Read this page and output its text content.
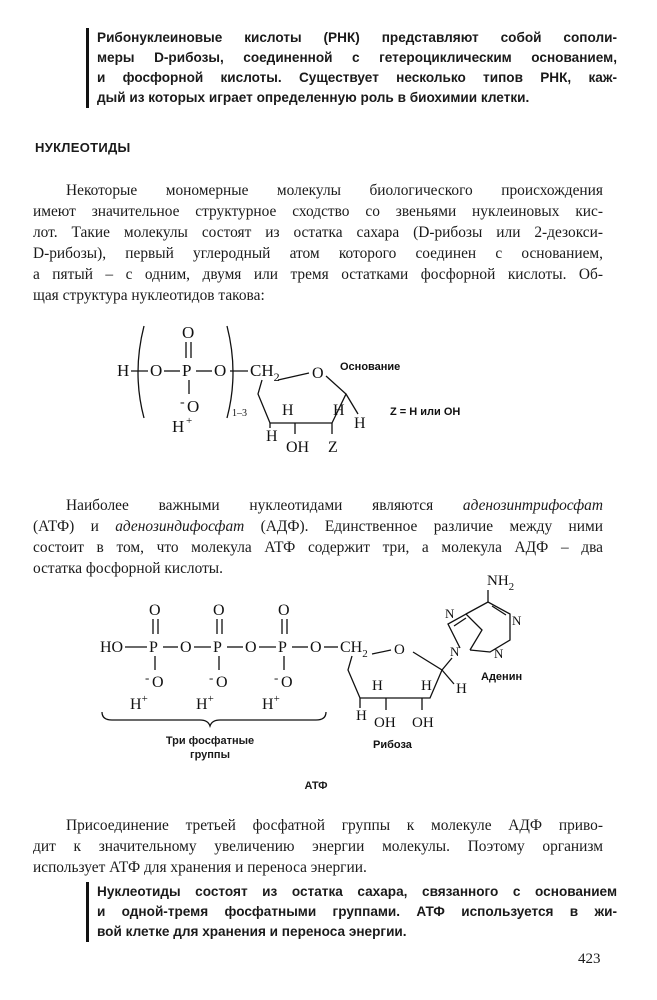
Рибонуклеиновые кислоты (РНК) представляют собой сополи-
меры D-рибозы, соединенной с гетероциклическим основанием,
и фосфорной кислоты. Существует несколько типов РНК, каж-
дый из которых играет определенную роль в биохимии клетки.
НУКЛЕОТИДЫ
Некоторые мономерные молекулы биологического происхождения
имеют значительное структурное сходство со звеньями нуклеиновых кис-
лот. Такие молекулы состоят из остатка сахара (D-рибозы или 2-дезокси-
D-рибозы), первый углеродный атом которого соединен с основанием,
а пятый – с одним, двумя или тремя остатками фосфорной кислоты. Об-
щая структура нуклеотидов такова:
H O P
O
O
- O
H +
1–3
$CH_2$ O Основание
H
H H
H
OH Z
Z = H или OH
Наиболее важными нуклеотидами являются аденозинтрифосфат
(АТФ) и аденозиндифосфат (АДФ). Единственное различие между ними
состоит в том, что молекула АТФ содержит три, а молекула АДФ – два
остатка фосфорной кислоты.
HO P
O
- O
H+
O P
O
- O
H+
O P
O
- O
H+
O $CH_2$ O
H
H	H H
OH OH
N
N	N
N
$NH_2$
Аденин
Рибоза
Три фосфатные
группы
АТФ
Присоединение третьей фосфатной группы к молекуле АДФ приво-
дит к значительному увеличению энергии молекулы. Поэтому организм
использует АТФ для хранения и переноса энергии.
Нуклеотиды состоят из остатка сахара, связанного с основанием
и одной-тремя фосфатными группами. АТФ используется в жи-
вой клетке для хранения и переноса энергии.
423
